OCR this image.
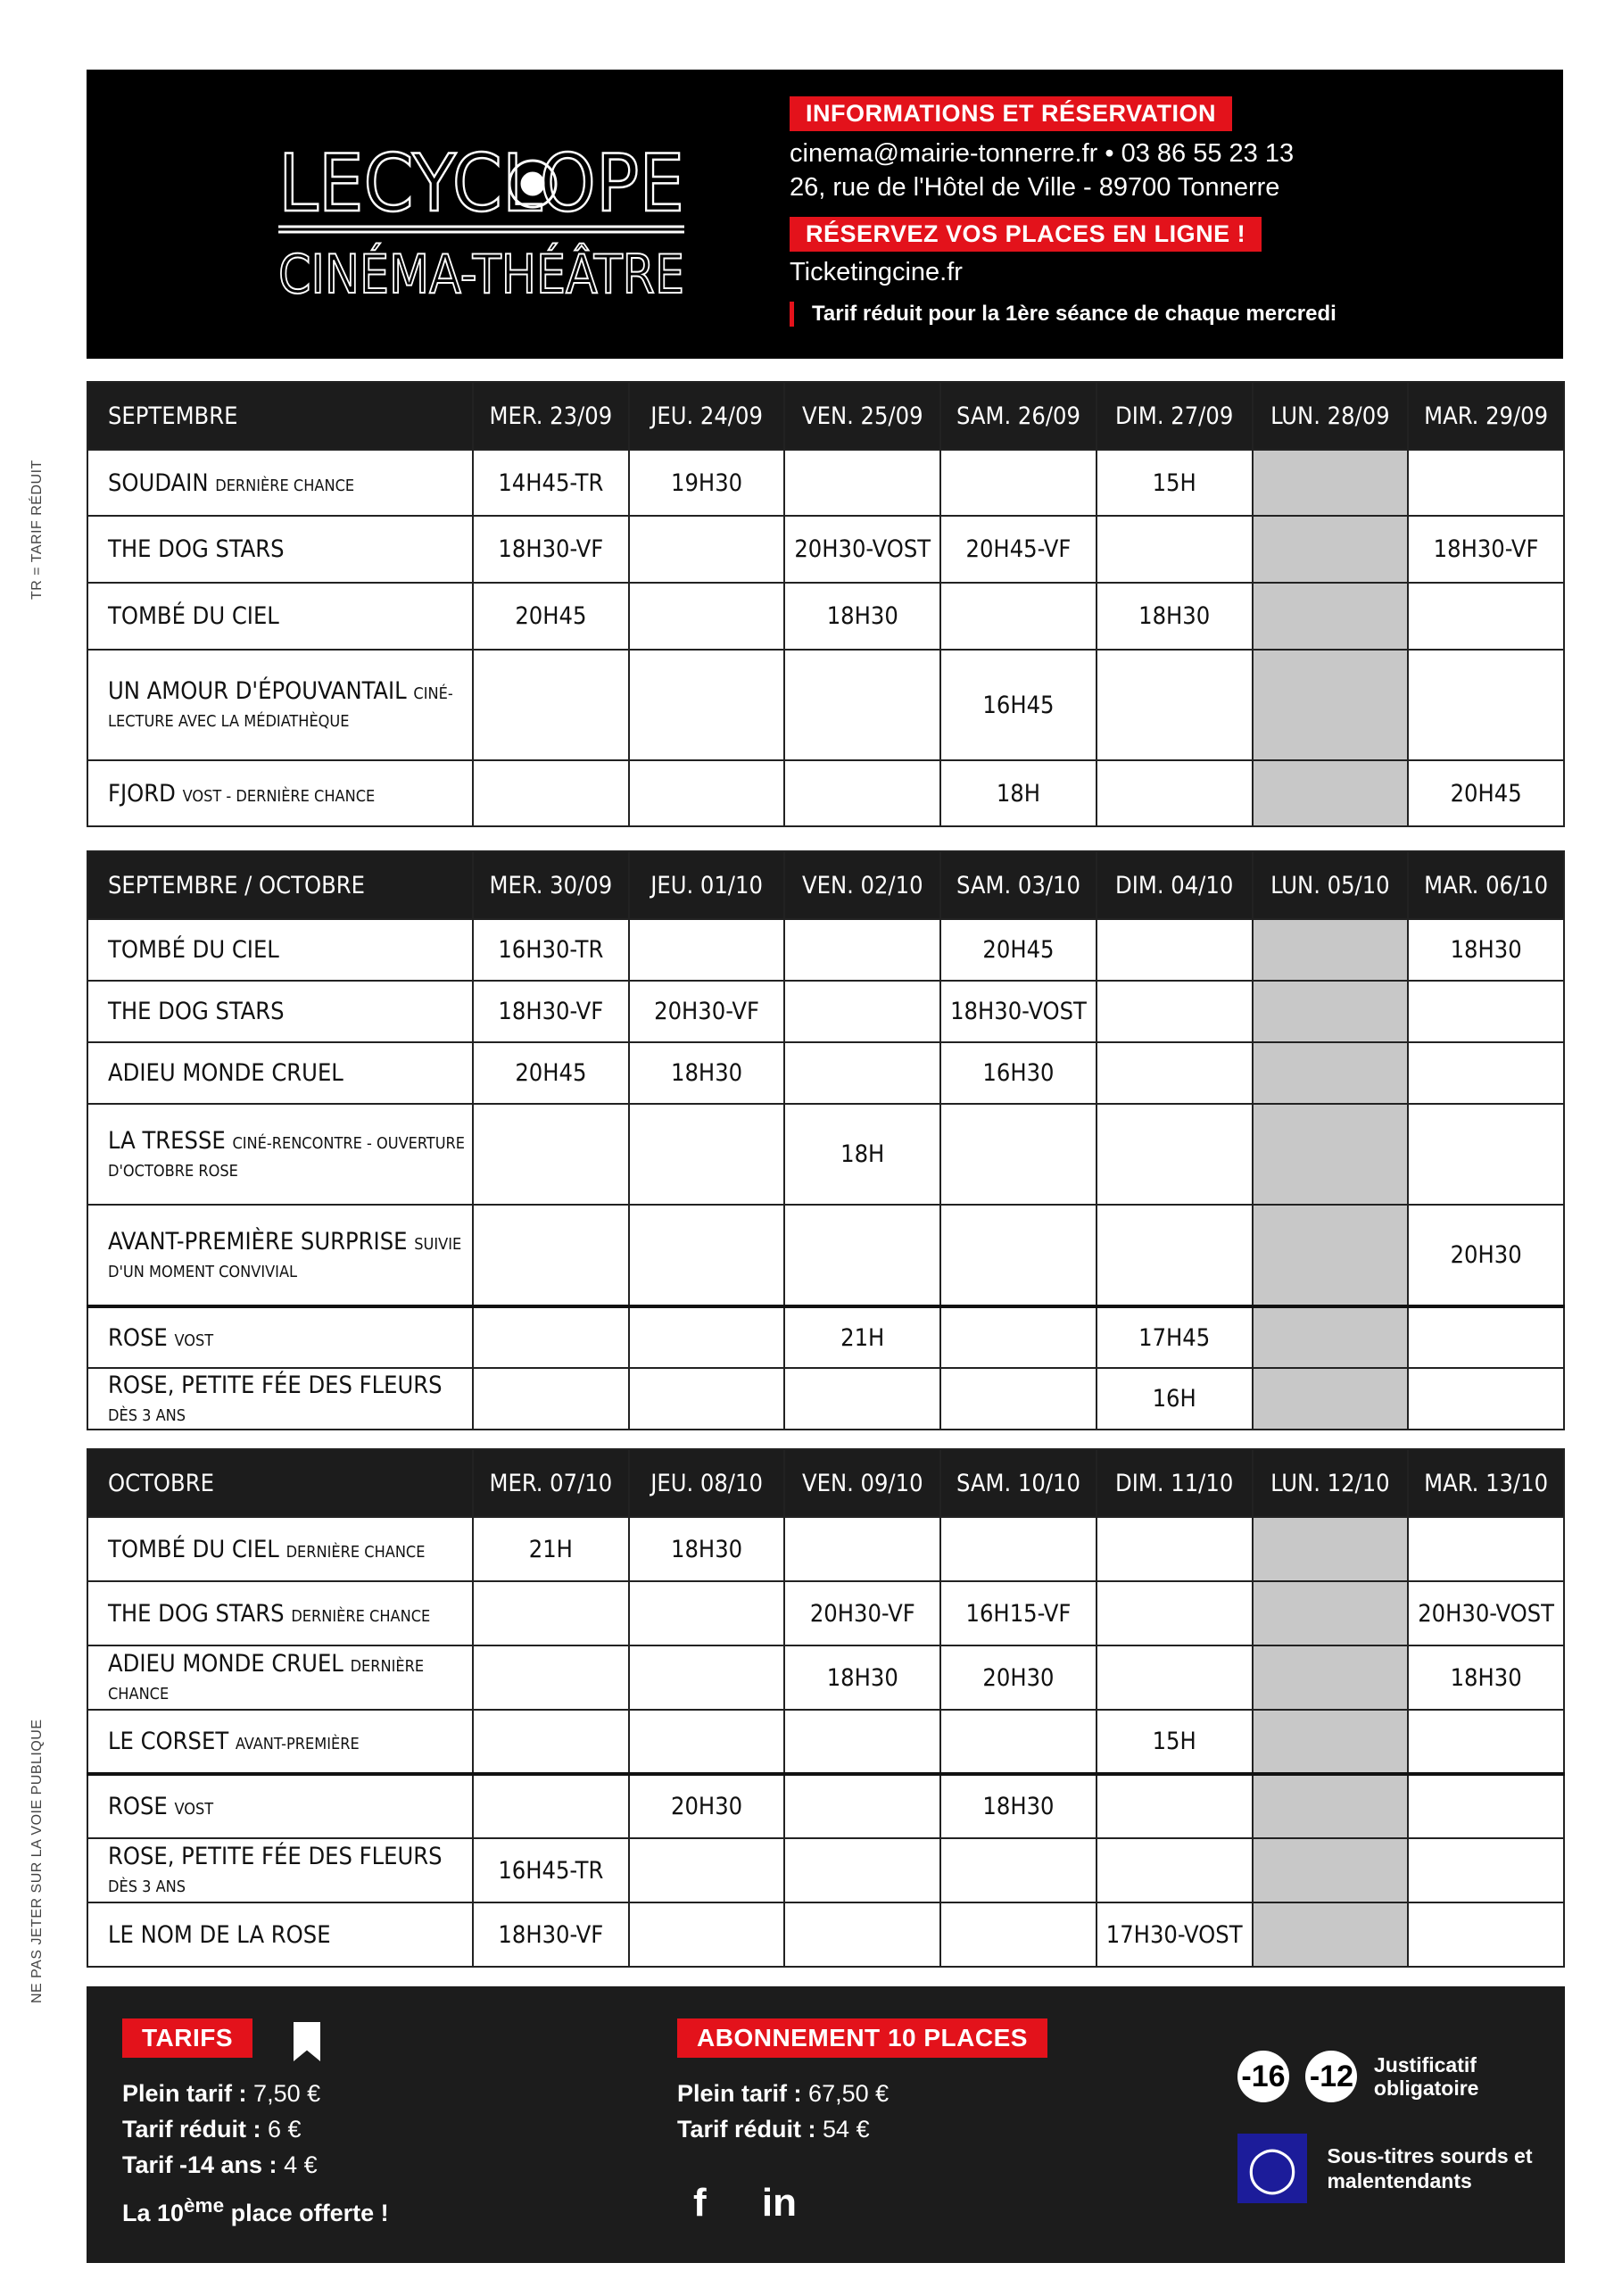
LECYCLOPE
CINÉMA-THÉÂTRE
INFORMATIONS ET RÉSERVATION
cinema@mairie-tonnerre.fr • 03 86 55 23 13
26, rue de l'Hôtel de Ville - 89700 Tonnerre
RÉSERVEZ VOS PLACES EN LIGNE !
Ticketingcine.fr
Tarif réduit pour la 1ère séance de chaque mercredi
TR = TARIF RÉDUIT
NE PAS JETER SUR LA VOIE PUBLIQUE
SEPTEMBRE	MER. 23/09	JEU. 24/09	VEN. 25/09	SAM. 26/09	DIM. 27/09	LUN. 28/09	MAR. 29/09
SOUDAIN DERNIÈRE CHANCE	14H45-TR	19H30			15H		
THE DOG STARS	18H30-VF		20H30-VOST	20H45-VF			18H30-VF
TOMBÉ DU CIEL	20H45		18H30		18H30		
UN AMOUR D'ÉPOUVANTAIL CINÉ-LECTURE AVEC LA MÉDIATHÈQUE				16H45			
FJORD VOST - DERNIÈRE CHANCE				18H			20H45
SEPTEMBRE / OCTOBRE	MER. 30/09	JEU. 01/10	VEN. 02/10	SAM. 03/10	DIM. 04/10	LUN. 05/10	MAR. 06/10
TOMBÉ DU CIEL	16H30-TR			20H45			18H30
THE DOG STARS	18H30-VF	20H30-VF		18H30-VOST			
ADIEU MONDE CRUEL	20H45	18H30		16H30			
LA TRESSE CINÉ-RENCONTRE - OUVERTURE D'OCTOBRE ROSE			18H				
AVANT-PREMIÈRE SURPRISE SUIVIE D'UN MOMENT CONVIVIAL							20H30
ROSE VOST			21H		17H45		
ROSE, PETITE FÉE DES FLEURS DÈS 3 ANS					16H		
OCTOBRE	MER. 07/10	JEU. 08/10	VEN. 09/10	SAM. 10/10	DIM. 11/10	LUN. 12/10	MAR. 13/10
TOMBÉ DU CIEL DERNIÈRE CHANCE	21H	18H30					
THE DOG STARS DERNIÈRE CHANCE			20H30-VF	16H15-VF			20H30-VOST
ADIEU MONDE CRUEL DERNIÈRE CHANCE			18H30	20H30			18H30
LE CORSET AVANT-PREMIÈRE					15H		
ROSE VOST		20H30		18H30			
ROSE, PETITE FÉE DES FLEURS DÈS 3 ANS	16H45-TR						
LE NOM DE LA ROSE	18H30-VF				17H30-VOST		
TARIFS
Plein tarif : 7,50 €
Tarif réduit : 6 €
Tarif -14 ans : 4 €
La 10ème place offerte !
ABONNEMENT 10 PLACES
Plein tarif : 67,50 €
Tarif réduit : 54 €
f in
-16 -12 Justificatif obligatoire
◯ Sous-titres sourds et malentendants
